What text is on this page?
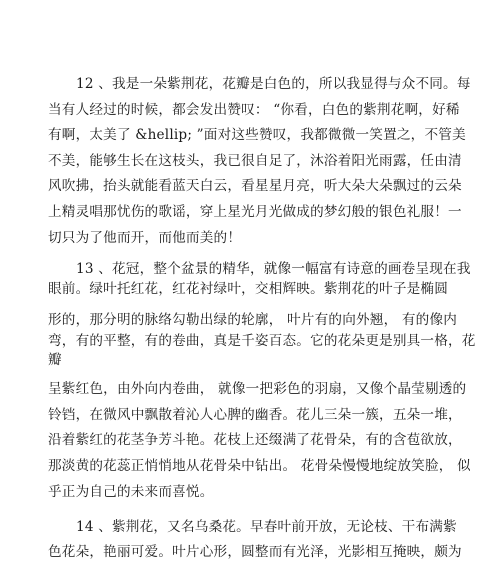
12 、我是一朵紫荆花，花瓣是白色的，所以我显得与众不同。每
当有人经过的时候，都会发出赞叹： “你看，白色的紫荆花啊，好稀
有啊，太美了 &hellip; ”面对这些赞叹，我都微微一笑置之，不管美
不美，能够生长在这枝头，我已很自足了，沐浴着阳光雨露，任由清
风吹拂，抬头就能看蓝天白云，看星星月亮，听大朵大朵飘过的云朵
上精灵唱那忧伤的歌谣，穿上星光月光做成的梦幻般的银色礼服！一
切只为了他而开，而他而美的！
13 、花冠，整个盆景的精华，就像一幅富有诗意的画卷呈现在我
眼前。绿叶托红花，红花衬绿叶，交相辉映。紫荆花的叶子是椭圆
形的，那分明的脉络勾勒出绿的轮廓， 叶片有的向外翘， 有的像内
弯，有的平整，有的卷曲，真是千姿百态。它的花朵更是别具一格，花
瓣
呈紫红色，由外向内卷曲， 就像一把彩色的羽扇，又像个晶莹剔透的
铃铛，在微风中飘散着沁人心脾的幽香。花儿三朵一簇，五朵一堆，
沿着紫红的花茎争芳斗艳。花枝上还缀满了花骨朵，有的含苞欲放，
那淡黄的花蕊正悄悄地从花骨朵中钻出。 花骨朵慢慢地绽放笑脸， 似
乎正为自己的未来而喜悦。
14 、紫荆花，又名乌桑花。早春叶前开放，无论枝、干布满紫
色花朵，艳丽可爱。叶片心形，圆整而有光泽，光影相互掩映，颇为
